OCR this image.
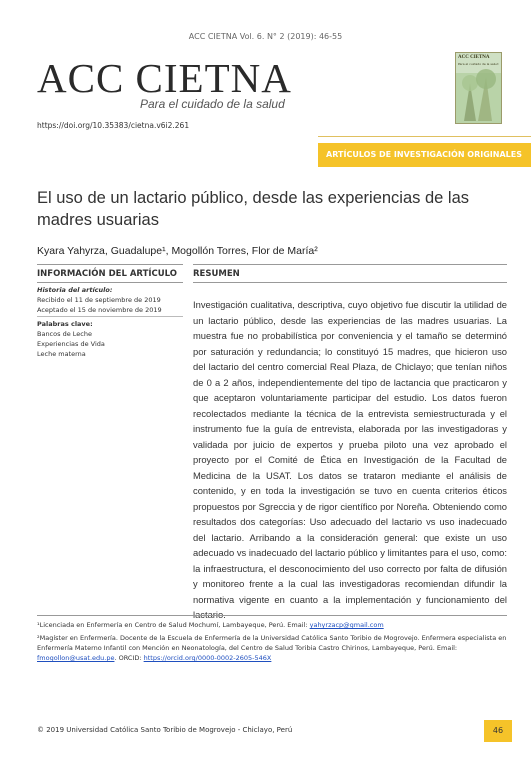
ACC CIETNA Vol. 6. N° 2 (2019): 46-55
ACC CIETNA
Para el cuidado de la salud
ACC CIETNA
Para el cuidado de la salud
https://doi.org/10.35383/cietna.v6i2.261
ARTÍCULOS DE INVESTIGACIÓN ORIGINALES
El uso de un lactario público, desde las experiencias de las madres usuarias
Kyara Yahyrza, Guadalupe¹, Mogollón Torres, Flor de María²
INFORMACIÓN DEL ARTÍCULO RESUMEN
Historia del artículo:
Recibido el 11 de septiembre de 2019
Aceptado el 15 de noviembre de 2019
Palabras clave:
Bancos de Leche
Experiencias de Vida
Leche materna
Investigación cualitativa, descriptiva, cuyo objetivo fue discutir la utilidad de un lactario público, desde las experiencias de las madres usuarias. La muestra fue no probabilística por conveniencia y el tamaño se determinó por saturación y redundancia; lo constituyó 15 madres, que hicieron uso del lactario del centro comercial Real Plaza, de Chiclayo; que tenían niños de 0 a 2 años, independientemente del tipo de lactancia que practicaron y que aceptaron voluntariamente participar del estudio. Los datos fueron recolectados mediante la técnica de la entrevista semiestructurada y el instrumento fue la guía de entrevista, elaborada por las investigadoras y validada por juicio de expertos y prueba piloto una vez aprobado el proyecto por el Comité de Ética en Investigación de la Facultad de Medicina de la USAT. Los datos se trataron mediante el análisis de contenido, y en toda la investigación se tuvo en cuenta criterios éticos propuestos por Sgreccia y de rigor científico por Noreña. Obteniendo como resultados dos categorías: Uso adecuado del lactario vs uso inadecuado del lactario. Arribando a la consideración general: que existe un uso adecuado vs inadecuado del lactario público y limitantes para el uso, como: la infraestructura, el desconocimiento del uso correcto por falta de difusión y monitoreo frente a la cual las investigadoras recomiendan difundir la normativa vigente en cuanto a la implementación y funcionamiento del
¹Licenciada en Enfermería en Centro de Salud Mochumí, Lambayeque, Perú. Email: yahyrzacp@gmail.com
²Magíster en Enfermería. Docente de la Escuela de Enfermería de la Universidad Católica Santo Toribio de Mogrovejo. Enfermera especialista en Enfermería Materno Infantil con Mención en Neonatología, del Centro de Salud Toribia Castro Chirinos, Lambayeque, Perú. Email: fmogollon@usat.edu.pe. ORCID: https://orcid.org/0000-0002-2605-546X
© 2019 Universidad Católica Santo Toribio de Mogrovejo - Chiclayo, Perú	46
